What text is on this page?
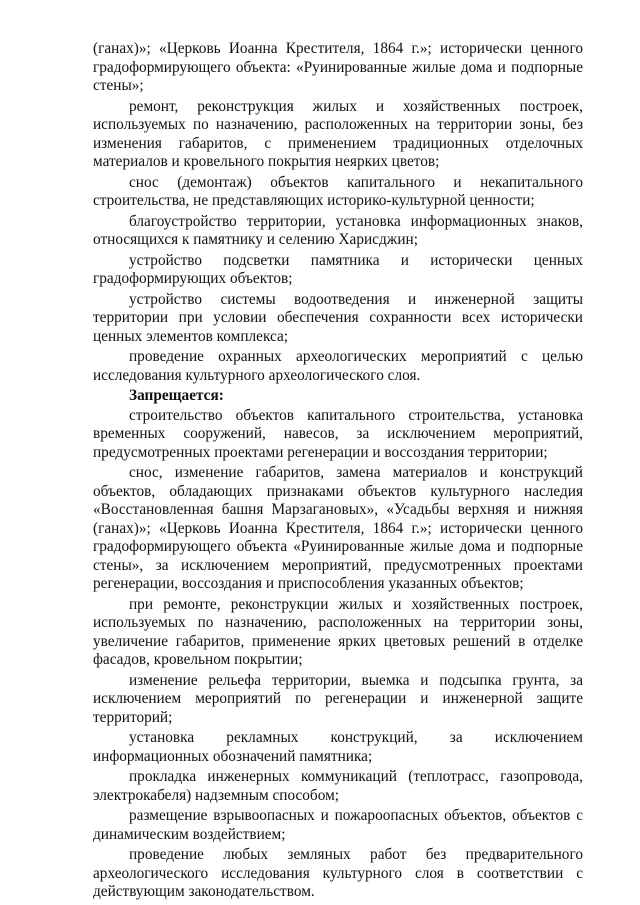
(ганах)»; «Церковь Иоанна Крестителя, 1864 г.»; исторически ценного градоформирующего объекта: «Руинированные жилые дома и подпорные стены»;

ремонт, реконструкция жилых и хозяйственных построек, используемых по назначению, расположенных на территории зоны, без изменения габаритов, с применением традиционных отделочных материалов и кровельного покрытия неярких цветов;

снос (демонтаж) объектов капитального и некапитального строительства, не представляющих историко-культурной ценности;

благоустройство территории, установка информационных знаков, относящихся к памятнику и селению Харисджин;

устройство подсветки памятника и исторически ценных градоформирующих объектов;

устройство системы водоотведения и инженерной защиты территории при условии обеспечения сохранности всех исторически ценных элементов комплекса;

проведение охранных археологических мероприятий с целью исследования культурного археологического слоя.

Запрещается:

строительство объектов капитального строительства, установка временных сооружений, навесов, за исключением мероприятий, предусмотренных проектами регенерации и воссоздания территории;

снос, изменение габаритов, замена материалов и конструкций объектов, обладающих признаками объектов культурного наследия «Восстановленная башня Марзагановых», «Усадьбы верхняя и нижняя (ганах)»; «Церковь Иоанна Крестителя, 1864 г.»; исторически ценного градоформирующего объекта «Руинированные жилые дома и подпорные стены», за исключением мероприятий, предусмотренных проектами регенерации, воссоздания и приспособления указанных объектов;

при ремонте, реконструкции жилых и хозяйственных построек, используемых по назначению, расположенных на территории зоны, увеличение габаритов, применение ярких цветовых решений в отделке фасадов, кровельном покрытии;

изменение рельефа территории, выемка и подсыпка грунта, за исключением мероприятий по регенерации и инженерной защите территорий;

установка рекламных конструкций, за исключением информационных обозначений памятника;

прокладка инженерных коммуникаций (теплотрасс, газопровода, электрокабеля) надземным способом;

размещение взрывоопасных и пожароопасных объектов, объектов с динамическим воздействием;

проведение любых земляных работ без предварительного археологического исследования культурного слоя в соответствии с действующим законодательством.
